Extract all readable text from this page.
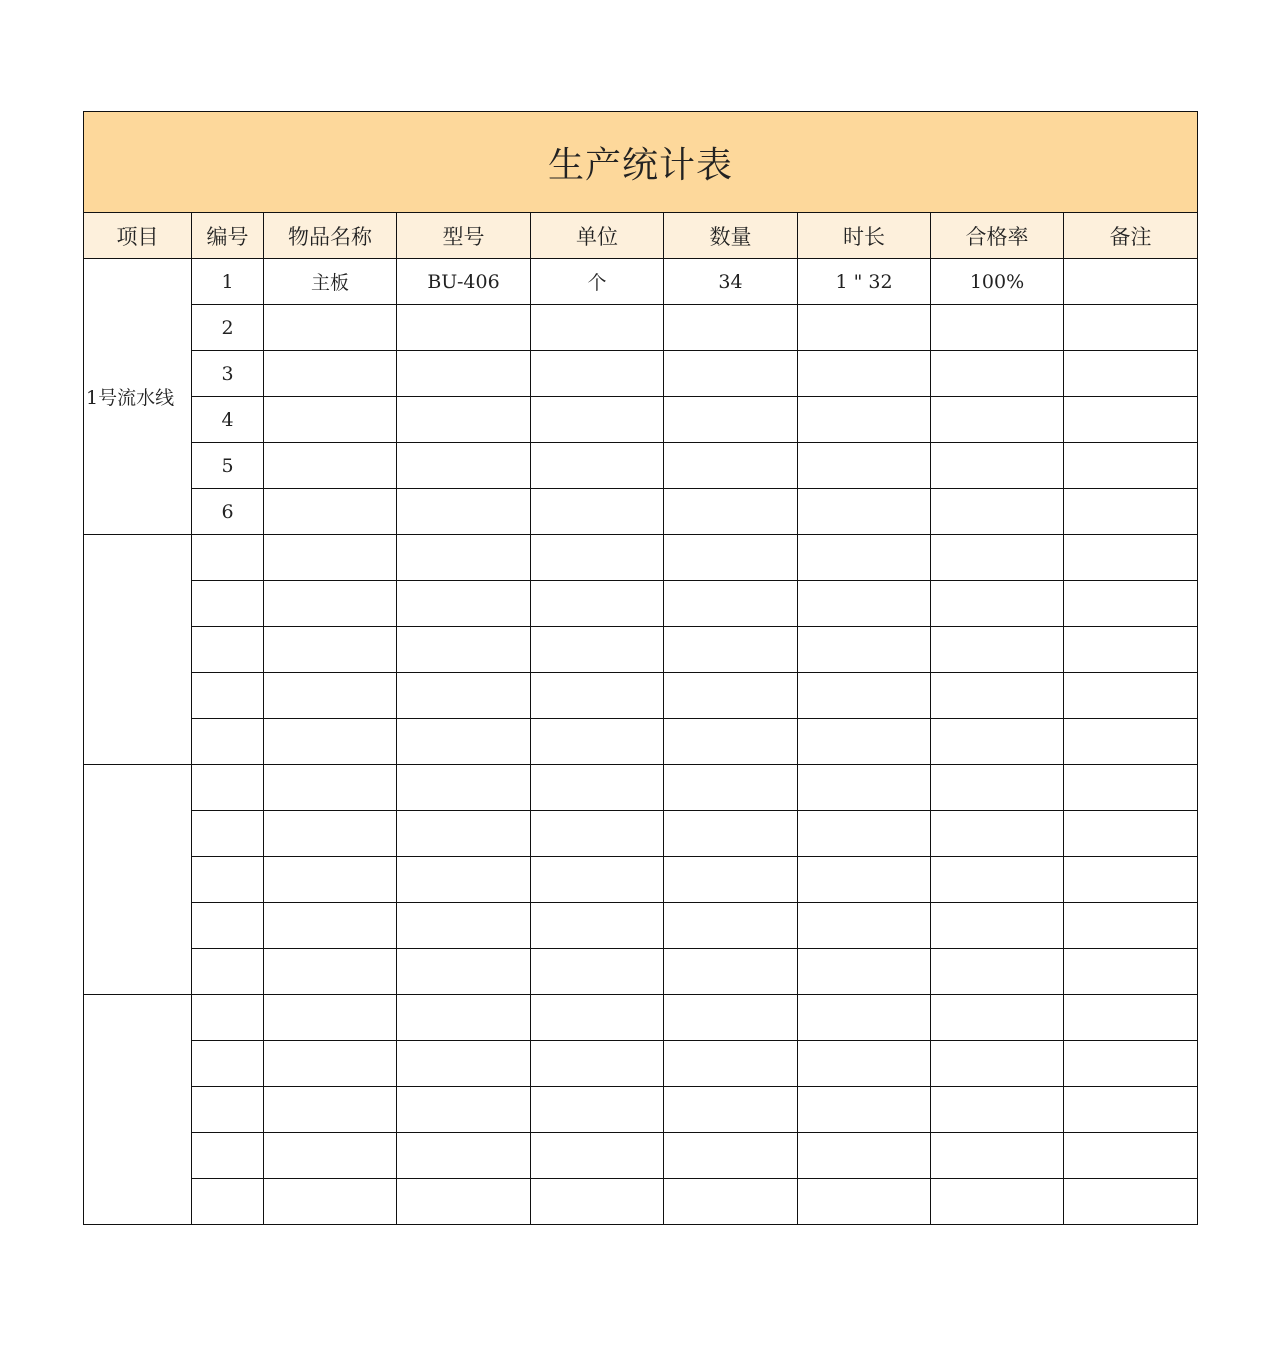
生产统计表								
项目	编号	物品名称	型号	单位	数量	时长	合格率	备注
1号流水线	1	主板	BU-406	个	34	1 " 32	100%	
	2							
	3							
	4							
	5							
	6							
